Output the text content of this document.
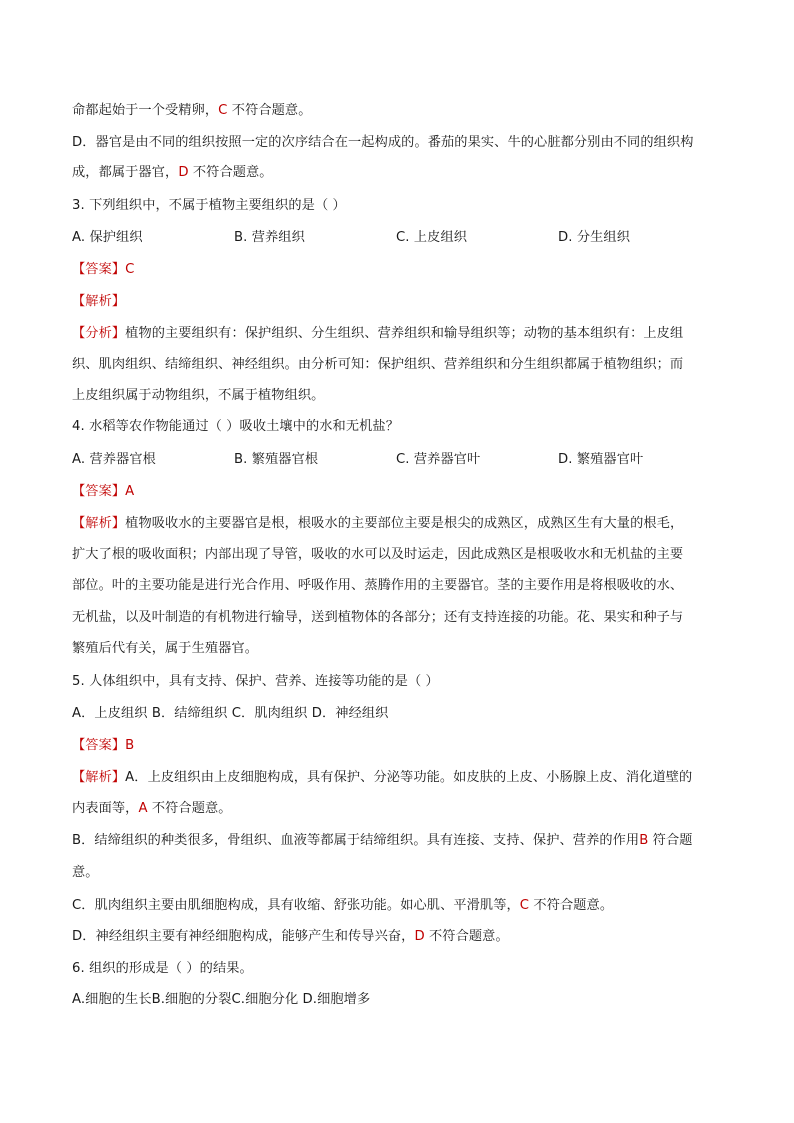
命都起始于一个受精卵，C 不符合题意。
D．器官是由不同的组织按照一定的次序结合在一起构成的。番茄的果实、牛的心脏都分别由不同的组织构
成，都属于器官，D 不符合题意。
3. 下列组织中，不属于植物主要组织的是（ ）
A. 保护组织	B. 营养组织	C. 上皮组织	D. 分生组织
【答案】C
【解析】
【分析】植物的主要组织有：保护组织、分生组织、营养组织和输导组织等；动物的基本组织有：上皮组
织、肌肉组织、结缔组织、神经组织。由分析可知：保护组织、营养组织和分生组织都属于植物组织；而
上皮组织属于动物组织，不属于植物组织。
4. 水稻等农作物能通过（ ）吸收土壤中的水和无机盐？
A. 营养器官根	B. 繁殖器官根	C. 营养器官叶	D. 繁殖器官叶
【答案】A
【解析】植物吸收水的主要器官是根，根吸水的主要部位主要是根尖的成熟区，成熟区生有大量的根毛，
扩大了根的吸收面积；内部出现了导管，吸收的水可以及时运走，因此成熟区是根吸收水和无机盐的主要
部位。叶的主要功能是进行光合作用、呼吸作用、蒸腾作用的主要器官。茎的主要作用是将根吸收的水、
无机盐，以及叶制造的有机物进行输导，送到植物体的各部分；还有支持连接的功能。花、果实和种子与
繁殖后代有关，属于生殖器官。
5. 人体组织中，具有支持、保护、营养、连接等功能的是（ ）
A．上皮组织 B．结缔组织 C．肌肉组织 D．神经组织
【答案】B
【解析】A．上皮组织由上皮细胞构成，具有保护、分泌等功能。如皮肤的上皮、小肠腺上皮、消化道壁的
内表面等，A 不符合题意。
B．结缔组织的种类很多，骨组织、血液等都属于结缔组织。具有连接、支持、保护、营养的作用B 符合题
意。
C．肌肉组织主要由肌细胞构成，具有收缩、舒张功能。如心肌、平滑肌等，C 不符合题意。
D．神经组织主要有神经细胞构成，能够产生和传导兴奋，D 不符合题意。
6. 组织的形成是（ ）的结果。
A.细胞的生长B.细胞的分裂C.细胞分化 D.细胞增多
